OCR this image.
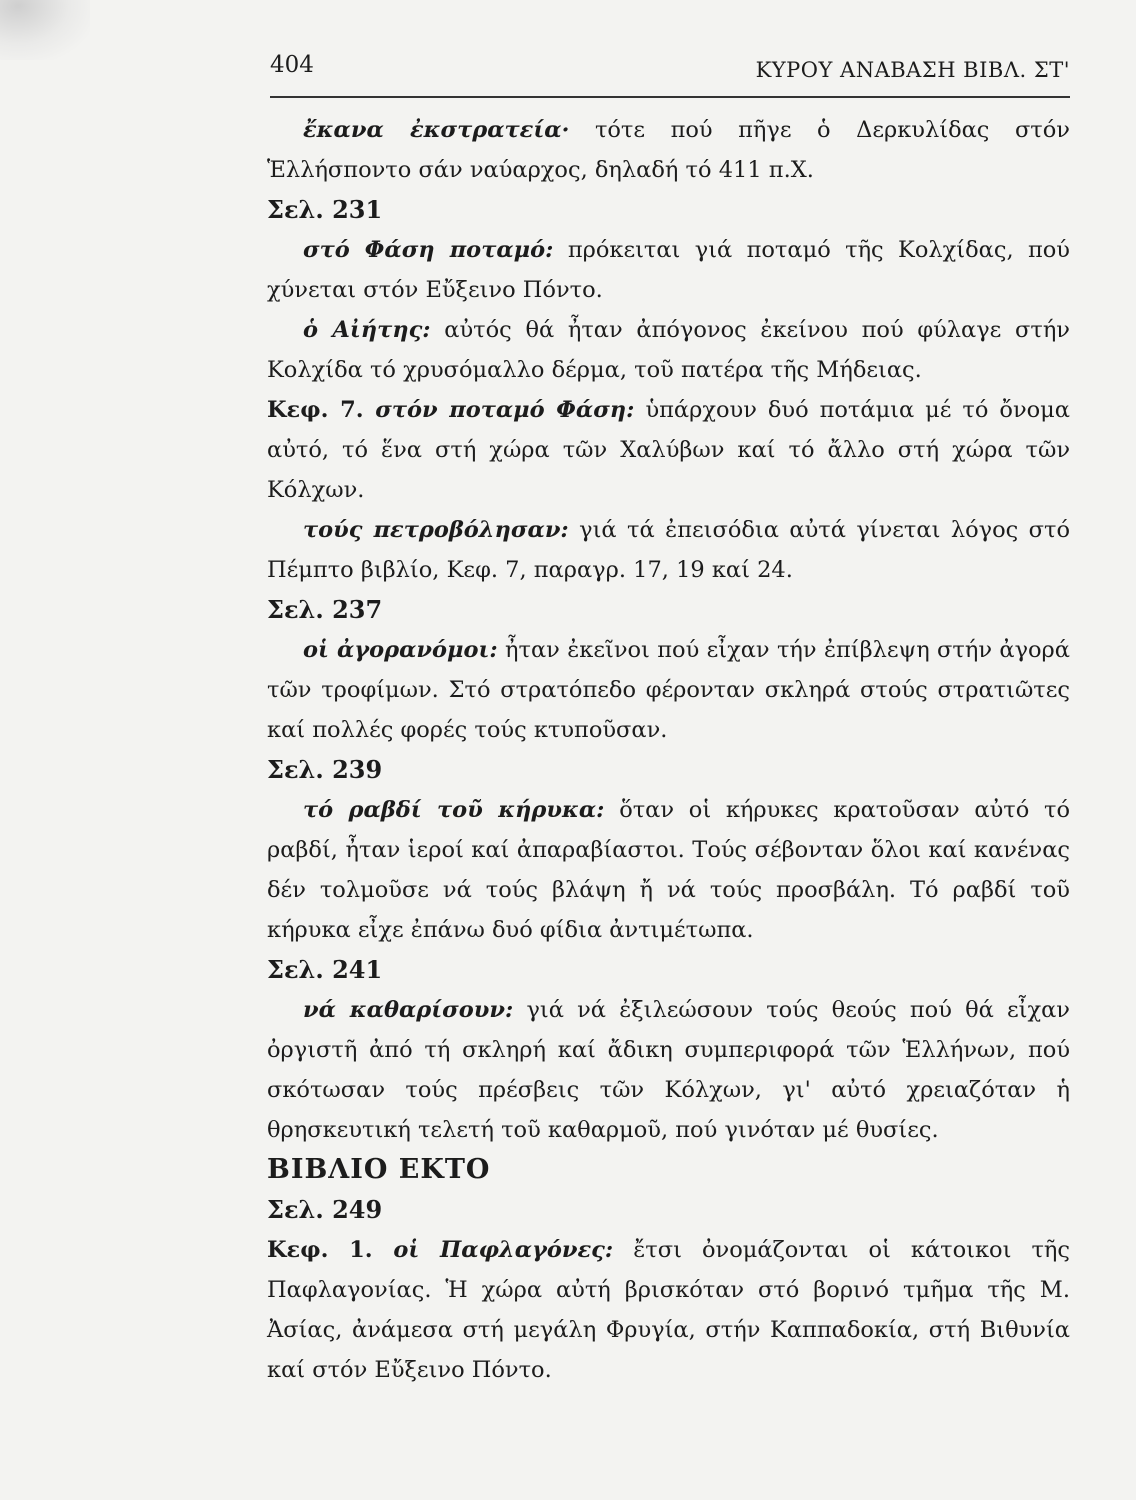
404	ΚΥΡΟΥ ΑΝΑΒΑΣΗ ΒΙΒΛ. ΣΤ'

ἔκανα ἐκστρατεία· τότε πού πῆγε ὁ Δερκυλίδας στόν Ἑλλήσποντο σάν ναύαρχος, δηλαδή τό 411 π.Χ.

Σελ. 231

στό Φάση ποταμό: πρόκειται γιά ποταμό τῆς Κολχίδας, πού χύνεται στόν Εὔξεινο Πόντο.

ὁ Αἰήτης: αὐτός θά ἦταν ἀπόγονος ἐκείνου πού φύλαγε στήν Κολχίδα τό χρυσόμαλλο δέρμα, τοῦ πατέρα τῆς Μήδειας.

Κεφ. 7. στόν ποταμό Φάση: ὑπάρχουν δυό ποτάμια μέ τό ὄνομα αὐτό, τό ἕνα στή χώρα τῶν Χαλύβων καί τό ἄλλο στή χώρα τῶν Κόλχων.

τούς πετροβόλησαν: γιά τά ἐπεισόδια αὐτά γίνεται λόγος στό Πέμπτο βιβλίο, Κεφ. 7, παραγρ. 17, 19 καί 24.

Σελ. 237

οἱ ἀγορανόμοι: ἦταν ἐκεῖνοι πού εἶχαν τήν ἐπίβλεψη στήν ἀγορά τῶν τροφίμων. Στό στρατόπεδο φέρονταν σκληρά στούς στρατιῶτες καί πολλές φορές τούς κτυποῦσαν.

Σελ. 239

τό ραβδί τοῦ κήρυκα: ὅταν οἱ κήρυκες κρατοῦσαν αὐτό τό ραβδί, ἦταν ἱεροί καί ἀπαραβίαστοι. Τούς σέβονταν ὅλοι καί κανένας δέν τολμοῦσε νά τούς βλάψη ἤ νά τούς προσβάλη. Τό ραβδί τοῦ κήρυκα εἶχε ἐπάνω δυό φίδια ἀντιμέτωπα.

Σελ. 241

νά καθαρίσουν: γιά νά ἐξιλεώσουν τούς θεούς πού θά εἶχαν ὀργιστῆ ἀπό τή σκληρή καί ἄδικη συμπεριφορά τῶν Ἑλλήνων, πού σκότωσαν τούς πρέσβεις τῶν Κόλχων, γι' αὐτό χρειαζόταν ἡ θρησκευτική τελετή τοῦ καθαρμοῦ, πού γινόταν μέ θυσίες.

ΒΙΒΛΙΟ ΕΚΤΟ

Σελ. 249

Κεφ. 1. οἱ Παφλαγόνες: ἔτσι ὀνομάζονται οἱ κάτοικοι τῆς Παφλαγονίας. Ἡ χώρα αὐτή βρισκόταν στό βορινό τμῆμα τῆς Μ. Ἀσίας, ἀνάμεσα στή μεγάλη Φρυγία, στήν Καππαδοκία, στή Βιθυνία καί στόν Εὔξεινο Πόντο.
